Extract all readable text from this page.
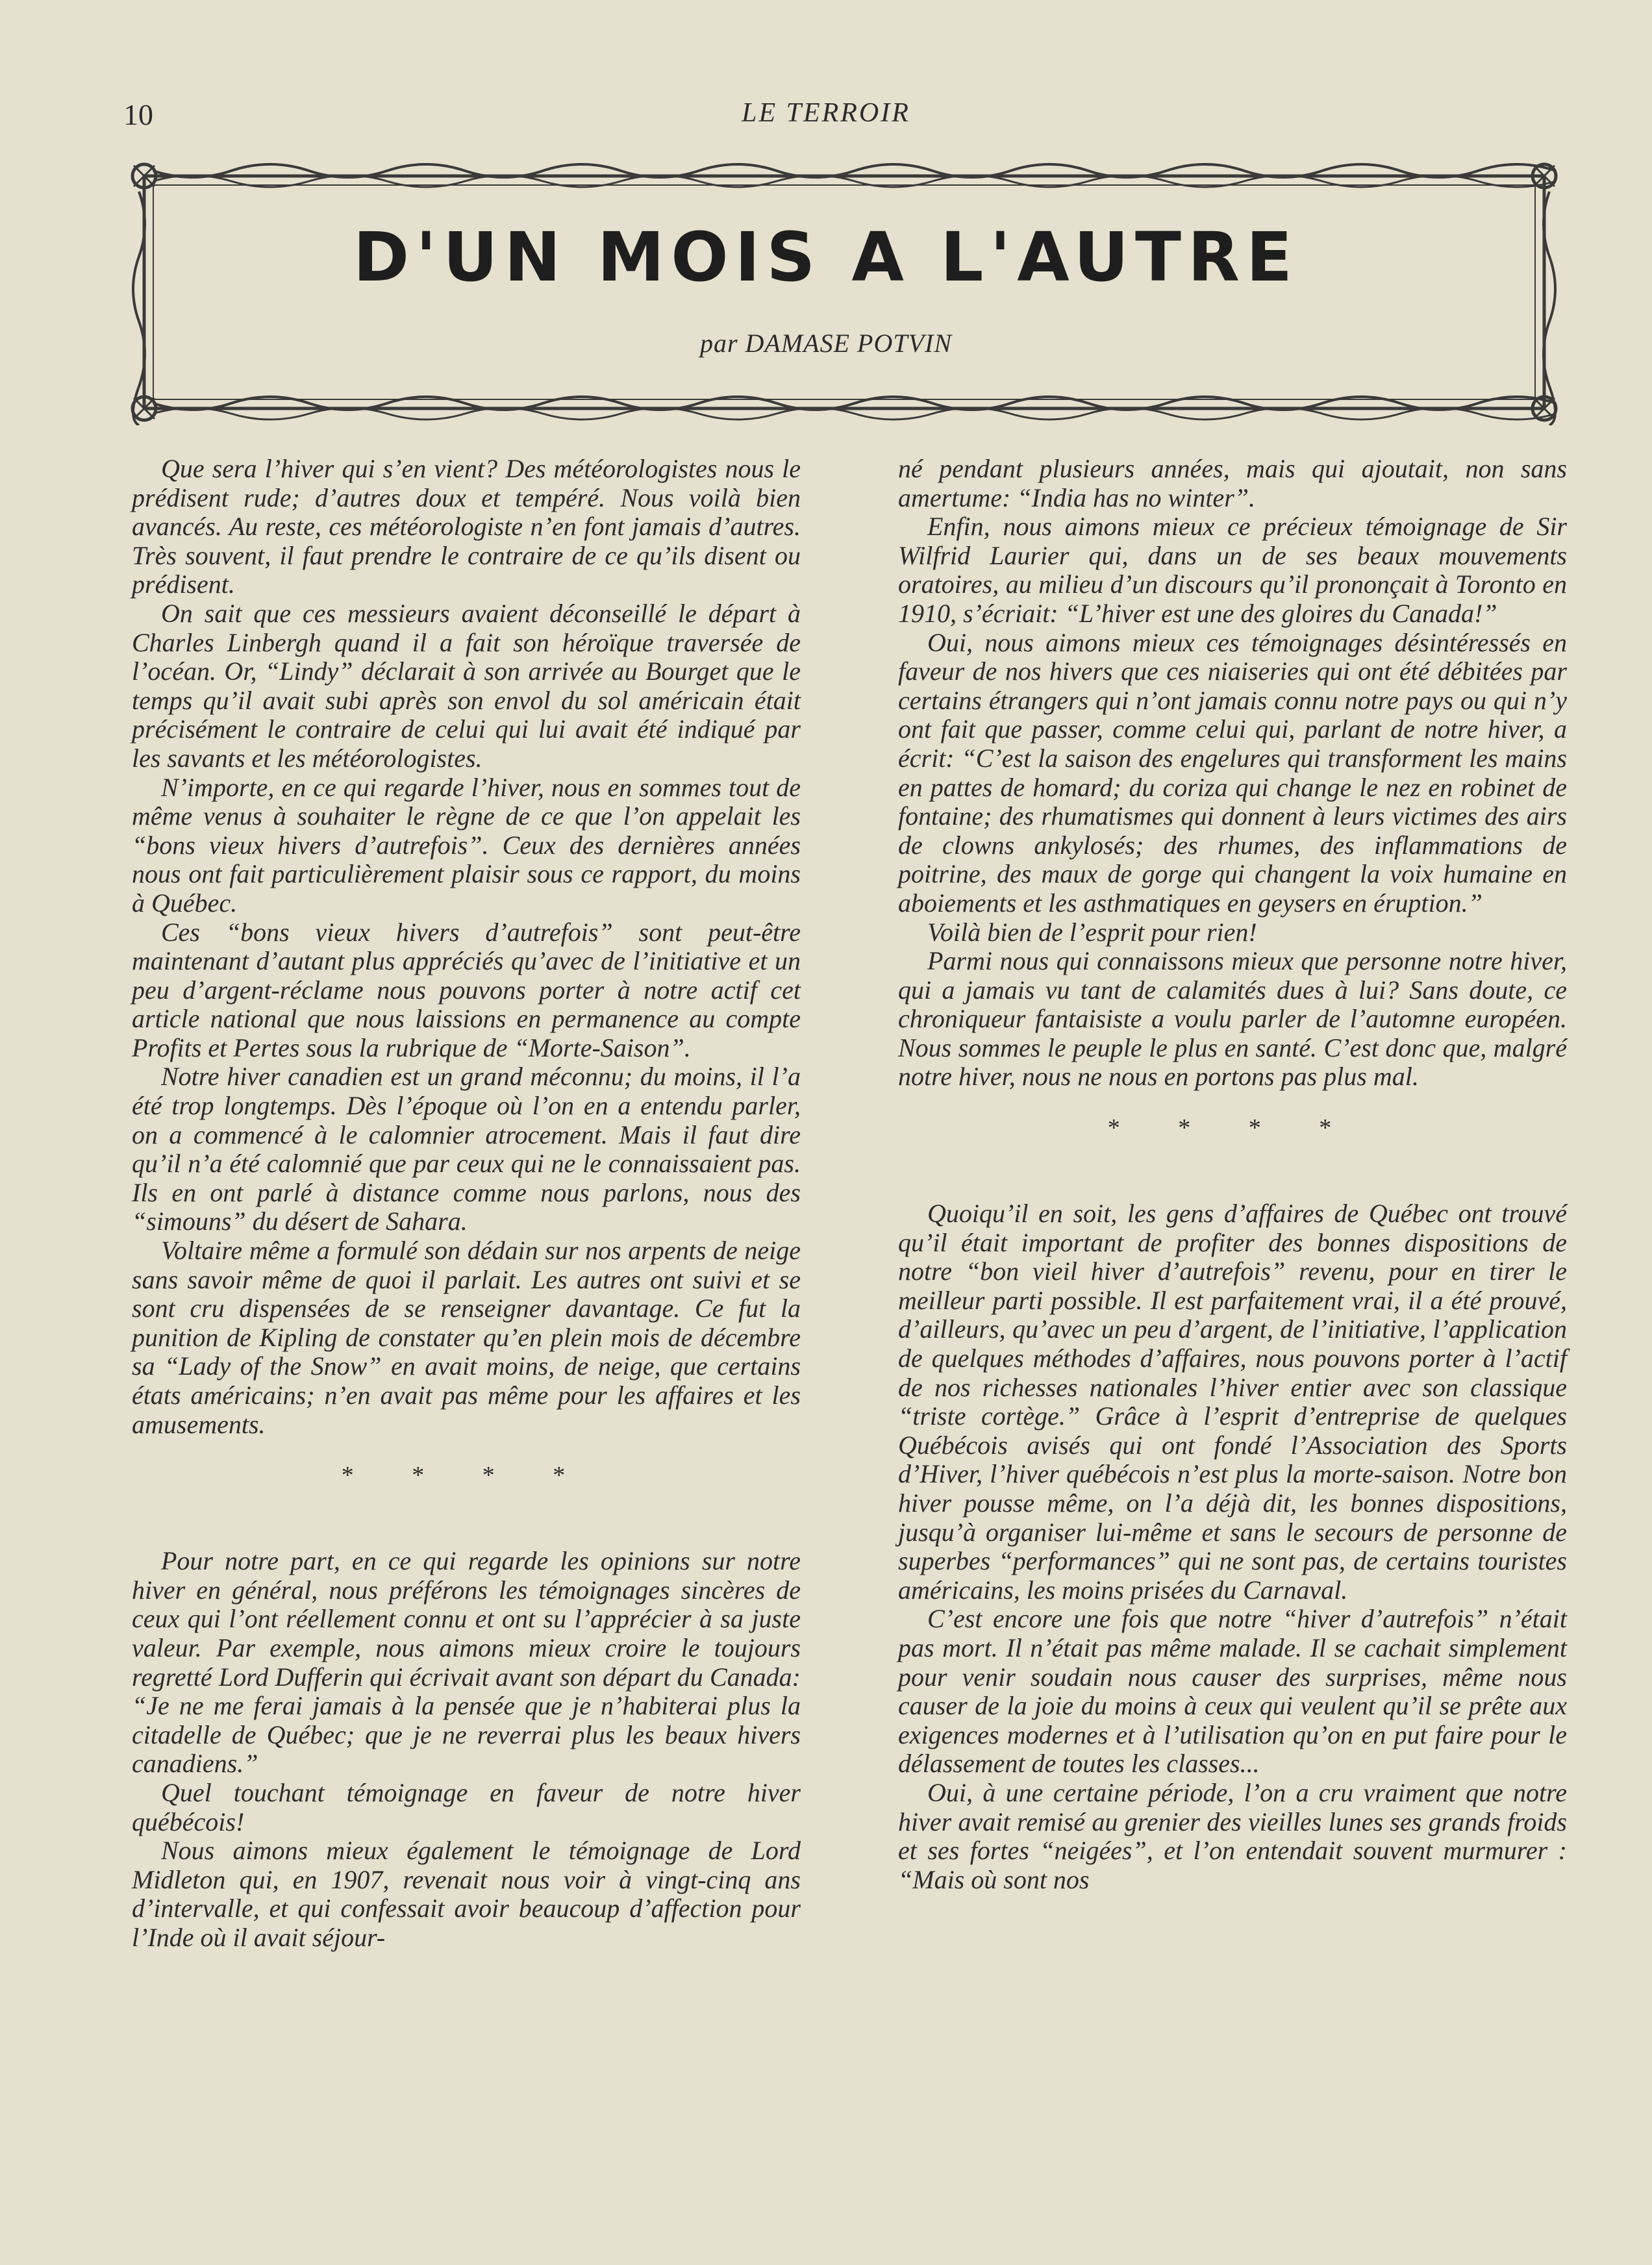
10	LE TERROIR
D'UN MOIS A L'AUTRE
par DAMASE POTVIN

Que sera l’hiver qui s’en vient? Des météorologistes nous le prédisent rude; d’autres doux et tempéré. Nous voilà bien avancés. Au reste, ces météorologiste n’en font jamais d’autres. Très souvent, il faut prendre le contraire de ce qu’ils disent ou prédisent.

On sait que ces messieurs avaient déconseillé le départ à Charles Linbergh quand il a fait son héroïque traversée de l’océan. Or, “Lindy” déclarait à son arrivée au Bourget que le temps qu’il avait subi après son envol du sol américain était précisément le contraire de celui qui lui avait été indiqué par les savants et les météorologistes.

N’importe, en ce qui regarde l’hiver, nous en sommes tout de même venus à souhaiter le règne de ce que l’on appelait les “bons vieux hivers d’autrefois”. Ceux des dernières années nous ont fait particulièrement plaisir sous ce rapport, du moins à Québec.

Ces “bons vieux hivers d’autrefois” sont peut-être maintenant d’autant plus appréciés qu’avec de l’initiative et un peu d’argent-réclame nous pouvons porter à notre actif cet article national que nous laissions en permanence au compte Profits et Pertes sous la rubrique de “Morte-Saison”.

Notre hiver canadien est un grand méconnu; du moins, il l’a été trop longtemps. Dès l’époque où l’on en a entendu parler, on a commencé à le calomnier atrocement. Mais il faut dire qu’il n’a été calomnié que par ceux qui ne le connaissaient pas. Ils en ont parlé à distance comme nous parlons, nous des “simouns” du désert de Sahara.

Voltaire même a formulé son dédain sur nos arpents de neige sans savoir même de quoi il parlait. Les autres ont suivi et se sont cru dispensées de se renseigner davantage. Ce fut la punition de Kipling de constater qu’en plein mois de décembre sa “Lady of the Snow” en avait moins, de neige, que certains états américains; n’en avait pas même pour les affaires et les amusements.

* * * *

Pour notre part, en ce qui regarde les opinions sur notre hiver en général, nous préférons les témoignages sincères de ceux qui l’ont réellement connu et ont su l’apprécier à sa juste valeur. Par exemple, nous aimons mieux croire le toujours regretté Lord Dufferin qui écrivait avant son départ du Canada: “Je ne me ferai jamais à la pensée que je n’habiterai plus la citadelle de Québec; que je ne reverrai plus les beaux hivers canadiens.”

Quel touchant témoignage en faveur de notre hiver québécois!

Nous aimons mieux également le témoignage de Lord Midleton qui, en 1907, revenait nous voir à vingt-cinq ans d’intervalle, et qui confessait avoir beaucoup d’affection pour l’Inde où il avait séjour-

né pendant plusieurs années, mais qui ajoutait, non sans amertume: “India has no winter”.

Enfin, nous aimons mieux ce précieux témoignage de Sir Wilfrid Laurier qui, dans un de ses beaux mouvements oratoires, au milieu d’un discours qu’il prononçait à Toronto en 1910, s’écriait: “L’hiver est une des gloires du Canada!”

Oui, nous aimons mieux ces témoignages désintéressés en faveur de nos hivers que ces niaiseries qui ont été débitées par certains étrangers qui n’ont jamais connu notre pays ou qui n’y ont fait que passer, comme celui qui, parlant de notre hiver, a écrit: “C’est la saison des engelures qui transforment les mains en pattes de homard; du coriza qui change le nez en robinet de fontaine; des rhumatismes qui donnent à leurs victimes des airs de clowns ankylosés; des rhumes, des inflammations de poitrine, des maux de gorge qui changent la voix humaine en aboiements et les asthmatiques en geysers en éruption.”

Voilà bien de l’esprit pour rien!

Parmi nous qui connaissons mieux que personne notre hiver, qui a jamais vu tant de calamités dues à lui? Sans doute, ce chroniqueur fantaisiste a voulu parler de l’automne européen. Nous sommes le peuple le plus en santé. C’est donc que, malgré notre hiver, nous ne nous en portons pas plus mal.

* * * *

Quoiqu’il en soit, les gens d’affaires de Québec ont trouvé qu’il était important de profiter des bonnes dispositions de notre “bon vieil hiver d’autrefois” revenu, pour en tirer le meilleur parti possible. Il est parfaitement vrai, il a été prouvé, d’ailleurs, qu’avec un peu d’argent, de l’initiative, l’application de quelques méthodes d’affaires, nous pouvons porter à l’actif de nos richesses nationales l’hiver entier avec son classique “triste cortège.” Grâce à l’esprit d’entreprise de quelques Québécois avisés qui ont fondé l’Association des Sports d’Hiver, l’hiver québécois n’est plus la morte-saison. Notre bon hiver pousse même, on l’a déjà dit, les bonnes dispositions, jusqu’à organiser lui-même et sans le secours de personne de superbes “performances” qui ne sont pas, de certains touristes américains, les moins prisées du Carnaval.

C’est encore une fois que notre “hiver d’autrefois” n’était pas mort. Il n’était pas même malade. Il se cachait simplement pour venir soudain nous causer des surprises, même nous causer de la joie du moins à ceux qui veulent qu’il se prête aux exigences modernes et à l’utilisation qu’on en put faire pour le délassement de toutes les classes...

Oui, à une certaine période, l’on a cru vraiment que notre hiver avait remisé au grenier des vieilles lunes ses grands froids et ses fortes “neigées”, et l’on entendait souvent murmurer : “Mais où sont nos
